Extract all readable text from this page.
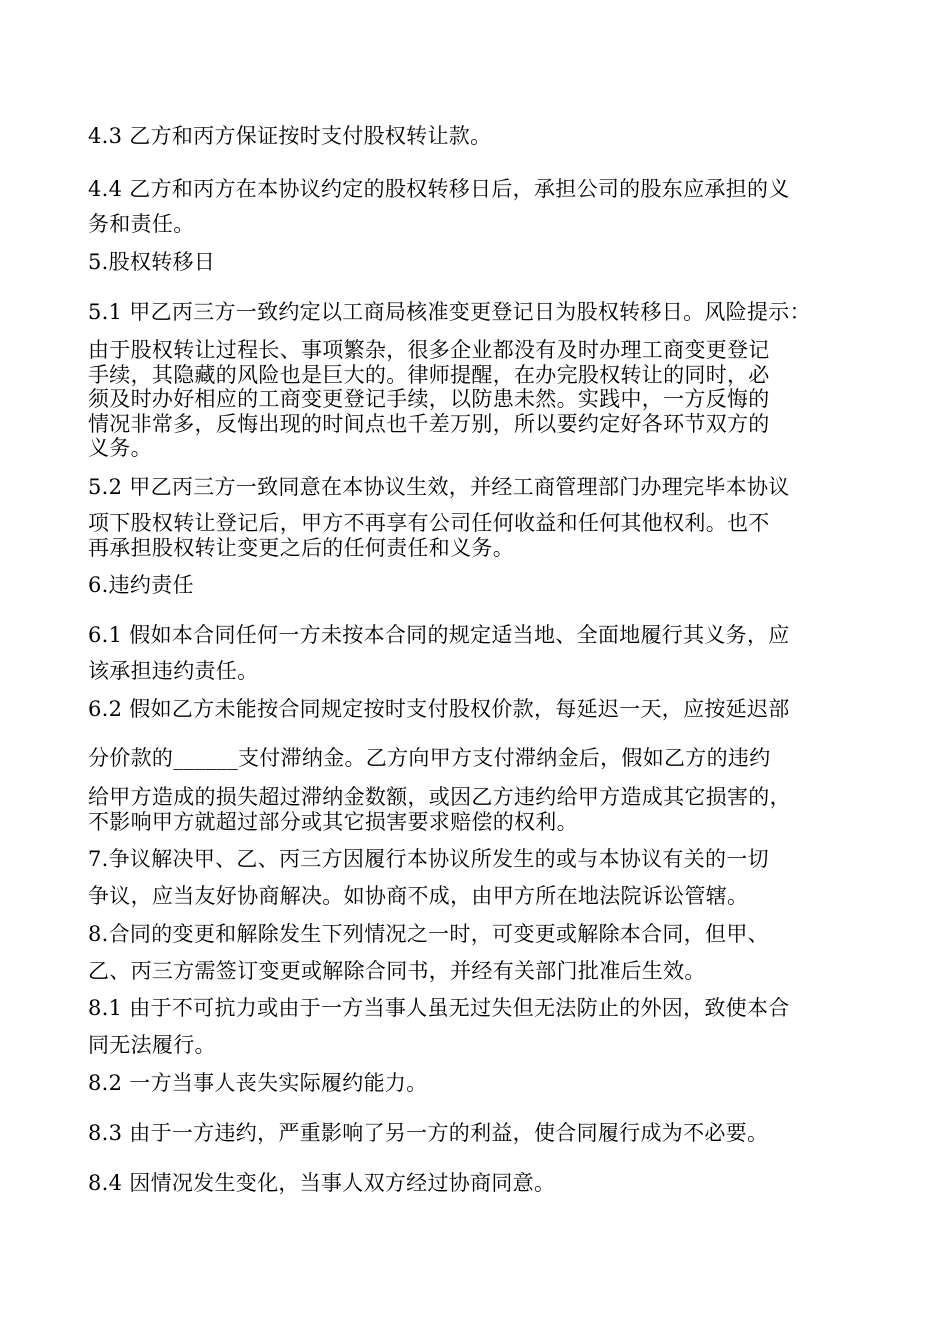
4.3 乙方和丙方保证按时支付股权转让款。
4.4 乙方和丙方在本协议约定的股权转移日后，承担公司的股东应承担的义
务和责任。
5.股权转移日
5.1 甲乙丙三方一致约定以工商局核准变更登记日为股权转移日。风险提示：
由于股权转让过程长、事项繁杂，很多企业都没有及时办理工商变更登记
手续，其隐藏的风险也是巨大的。律师提醒，在办完股权转让的同时，必
须及时办好相应的工商变更登记手续，以防患未然。实践中，一方反悔的
情况非常多，反悔出现的时间点也千差万别，所以要约定好各环节双方的
义务。
5.2 甲乙丙三方一致同意在本协议生效，并经工商管理部门办理完毕本协议
项下股权转让登记后，甲方不再享有公司任何收益和任何其他权利。也不
再承担股权转让变更之后的任何责任和义务。
6.违约责任
6.1 假如本合同任何一方未按本合同的规定适当地、全面地履行其义务，应
该承担违约责任。
6.2 假如乙方未能按合同规定按时支付股权价款，每延迟一天，应按延迟部
分价款的______支付滞纳金。乙方向甲方支付滞纳金后，假如乙方的违约
给甲方造成的损失超过滞纳金数额，或因乙方违约给甲方造成其它损害的，
不影响甲方就超过部分或其它损害要求赔偿的权利。
7.争议解决甲、乙、丙三方因履行本协议所发生的或与本协议有关的一切
争议，应当友好协商解决。如协商不成，由甲方所在地法院诉讼管辖。
8.合同的变更和解除发生下列情况之一时，可变更或解除本合同，但甲、
乙、丙三方需签订变更或解除合同书，并经有关部门批准后生效。
8.1 由于不可抗力或由于一方当事人虽无过失但无法防止的外因，致使本合
同无法履行。
8.2 一方当事人丧失实际履约能力。
8.3 由于一方违约，严重影响了另一方的利益，使合同履行成为不必要。
8.4 因情况发生变化，当事人双方经过协商同意。
